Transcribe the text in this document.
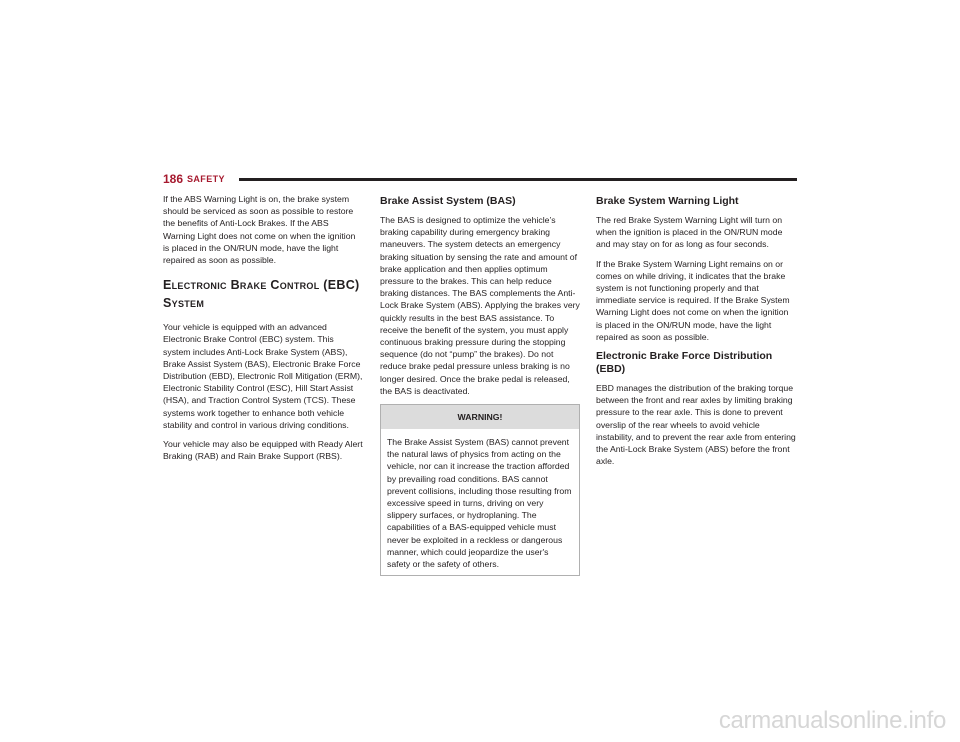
186 SAFETY

If the ABS Warning Light is on, the brake system should be serviced as soon as possible to restore the benefits of Anti-Lock Brakes. If the ABS Warning Light does not come on when the ignition is placed in the ON/RUN mode, have the light repaired as soon as possible.

Electronic Brake Control (EBC) System

Your vehicle is equipped with an advanced Electronic Brake Control (EBC) system. This system includes Anti-Lock Brake System (ABS), Brake Assist System (BAS), Electronic Brake Force Distribution (EBD), Electronic Roll Mitigation (ERM), Electronic Stability Control (ESC), Hill Start Assist (HSA), and Traction Control System (TCS). These systems work together to enhance both vehicle stability and control in various driving conditions.

Your vehicle may also be equipped with Ready Alert Braking (RAB) and Rain Brake Support (RBS).

Brake Assist System (BAS)

The BAS is designed to optimize the vehicle’s braking capability during emergency braking maneuvers. The system detects an emergency braking situation by sensing the rate and amount of brake application and then applies optimum pressure to the brakes. This can help reduce braking distances. The BAS complements the Anti-Lock Brake System (ABS). Applying the brakes very quickly results in the best BAS assistance. To receive the benefit of the system, you must apply continuous braking pressure during the stopping sequence (do not “pump” the brakes). Do not reduce brake pedal pressure unless braking is no longer desired. Once the brake pedal is released, the BAS is deactivated.

WARNING!
The Brake Assist System (BAS) cannot prevent the natural laws of physics from acting on the vehicle, nor can it increase the traction afforded by prevailing road conditions. BAS cannot prevent collisions, including those resulting from excessive speed in turns, driving on very slippery surfaces, or hydroplaning. The capabilities of a BAS-equipped vehicle must never be exploited in a reckless or dangerous manner, which could jeopardize the user's safety or the safety of others.
Brake System Warning Light

The red Brake System Warning Light will turn on when the ignition is placed in the ON/RUN mode and may stay on for as long as four seconds.

If the Brake System Warning Light remains on or comes on while driving, it indicates that the brake system is not functioning properly and that immediate service is required. If the Brake System Warning Light does not come on when the ignition is placed in the ON/RUN mode, have the light repaired as soon as possible.

Electronic Brake Force Distribution (EBD)

EBD manages the distribution of the braking torque between the front and rear axles by limiting braking pressure to the rear axle. This is done to prevent overslip of the rear wheels to avoid vehicle instability, and to prevent the rear axle from entering the Anti-Lock Brake System (ABS) before the front axle.

carmanualsonline.info
